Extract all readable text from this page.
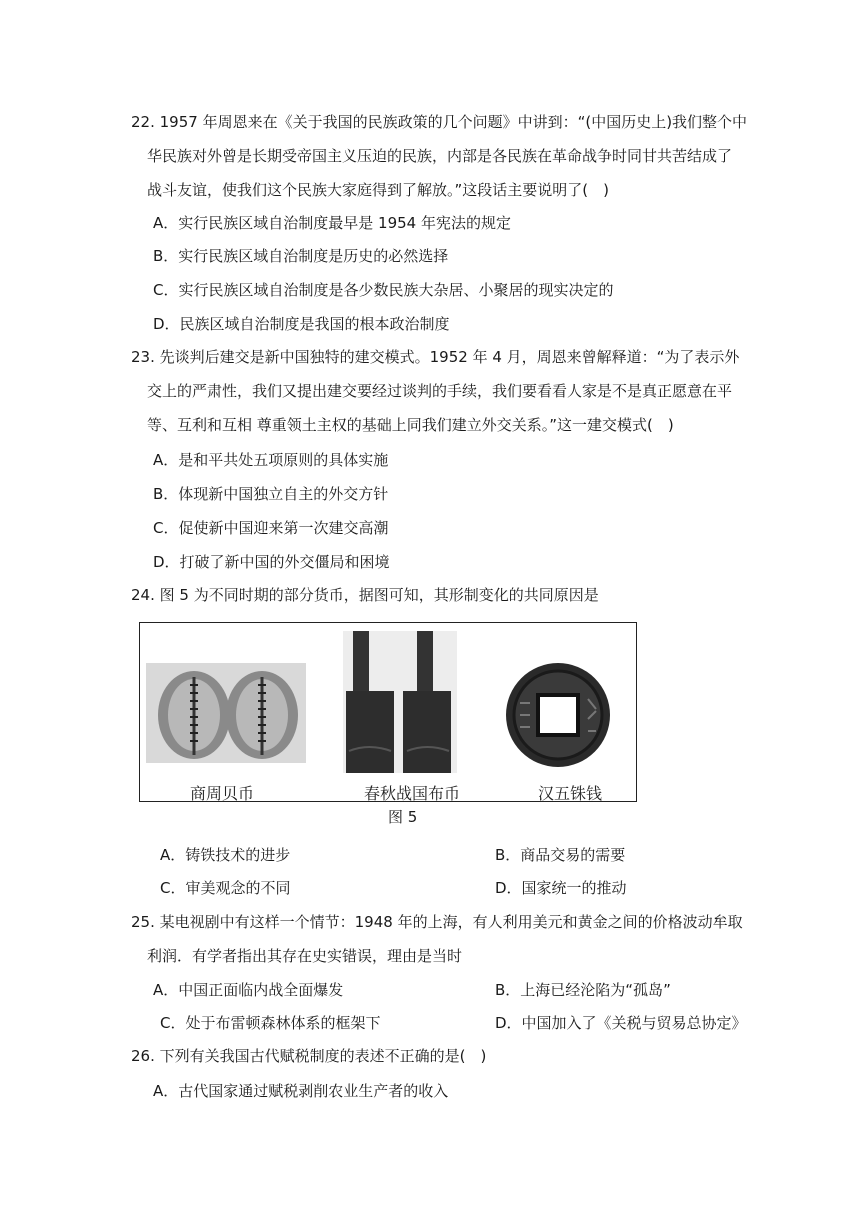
22. 1957 年周恩来在《关于我国的民族政策的几个问题》中讲到：“(中国历史上)我们整个中
华民族对外曾是长期受帝国主义压迫的民族，内部是各民族在革命战争时同甘共苦结成了
战斗友谊，使我们这个民族大家庭得到了解放。”这段话主要说明了(　)
A．实行民族区域自治制度最早是 1954 年宪法的规定
B．实行民族区域自治制度是历史的必然选择
C．实行民族区域自治制度是各少数民族大杂居、小聚居的现实决定的
D．民族区域自治制度是我国的根本政治制度
23. 先谈判后建交是新中国独特的建交模式。1952 年 4 月，周恩来曾解释道：“为了表示外
交上的严肃性，我们又提出建交要经过谈判的手续，我们要看看人家是不是真正愿意在平
等、互利和互相 尊重领土主权的基础上同我们建立外交关系。”这一建交模式(　)
A．是和平共处五项原则的具体实施
B．体现新中国独立自主的外交方针
C．促使新中国迎来第一次建交高潮
D．打破了新中国的外交僵局和困境
24. 图 5 为不同时期的部分货币，据图可知，其形制变化的共同原因是
商周贝币	春秋战国布币	汉五铢钱
图 5
A．铸铁技术的进步	B．商品交易的需要
C．审美观念的不同	D．国家统一的推动
25. 某电视剧中有这样一个情节：1948 年的上海，有人利用美元和黄金之间的价格波动牟取
利润．有学者指出其存在史实错误，理由是当时
A．中国正面临内战全面爆发	B．上海已经沦陷为“孤岛”
C．处于布雷顿森林体系的框架下	D．中国加入了《关税与贸易总协定》
26. 下列有关我国古代赋税制度的表述不正确的是(　)
A．古代国家通过赋税剥削农业生产者的收入
